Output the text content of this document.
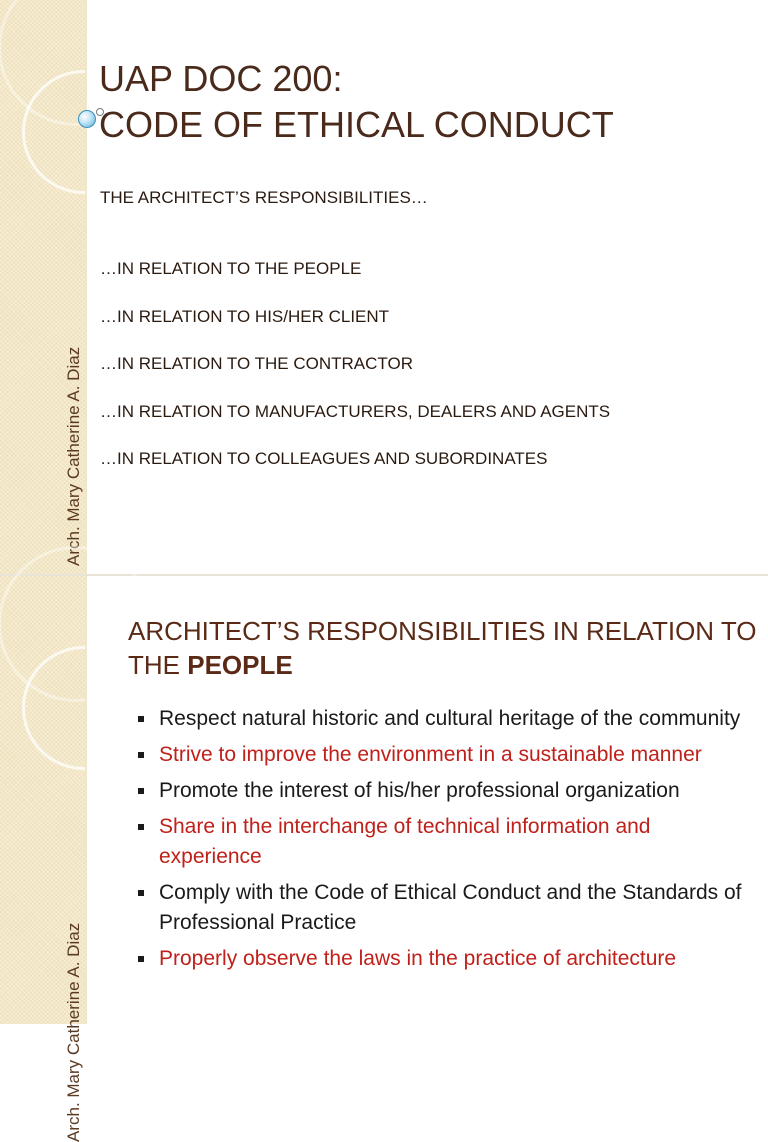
Arch. Mary Catherine A. Diaz
UAP DOC 200:
CODE OF ETHICAL CONDUCT
THE ARCHITECT’S RESPONSIBILITIES…
…IN RELATION TO THE PEOPLE
…IN RELATION TO HIS/HER CLIENT
…IN RELATION TO THE CONTRACTOR
…IN RELATION TO MANUFACTURERS, DEALERS AND AGENTS
…IN RELATION TO COLLEAGUES AND SUBORDINATES
Arch. Mary Catherine A. Diaz
ARCHITECT’S RESPONSIBILITIES IN RELATION TO THE PEOPLE
Respect natural historic and cultural heritage of the community
Strive to improve the environment in a sustainable manner
Promote the interest of his/her professional organization
Share in the interchange of technical information and experience
Comply with the Code of Ethical Conduct and the Standards of Professional Practice
Properly observe the laws in the practice of architecture
